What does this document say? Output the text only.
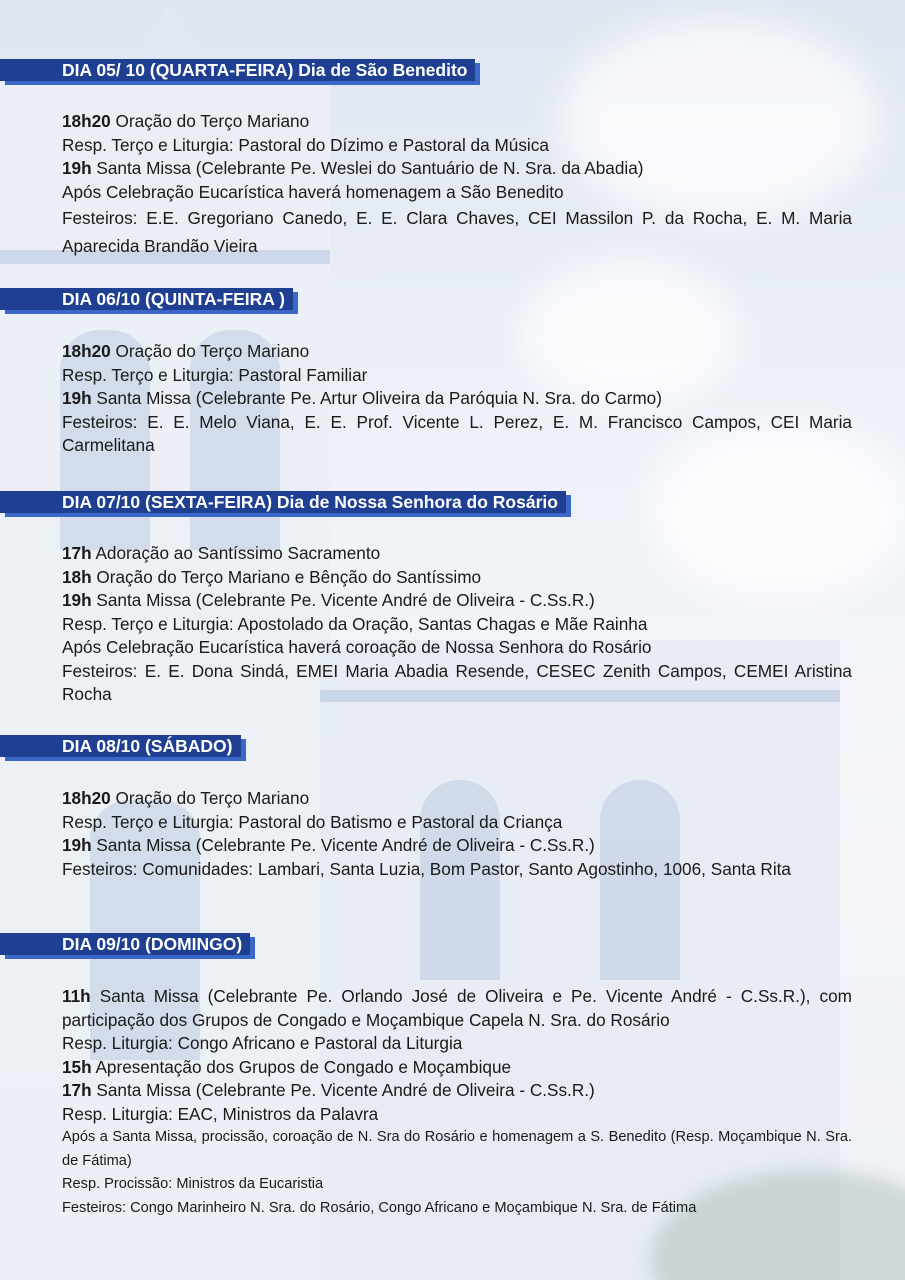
DIA 05/ 10 (QUARTA-FEIRA) Dia de São Benedito

18h20 Oração do Terço Mariano

Resp. Terço e Liturgia: Pastoral do Dízimo e Pastoral da Música

19h Santa Missa (Celebrante Pe. Weslei do Santuário de N. Sra. da Abadia)

Após Celebração Eucarística haverá homenagem a São Benedito

Festeiros: E.E. Gregoriano Canedo, E. E. Clara Chaves, CEI Massilon P. da Rocha, E. M. Maria Aparecida Brandão Vieira

DIA 06/10 (QUINTA-FEIRA )

18h20 Oração do Terço Mariano

Resp. Terço e Liturgia: Pastoral Familiar

19h Santa Missa (Celebrante Pe. Artur Oliveira da Paróquia N. Sra. do Carmo)

Festeiros: E. E. Melo Viana, E. E. Prof. Vicente L. Perez, E. M. Francisco Campos, CEI Maria Carmelitana

DIA 07/10 (SEXTA-FEIRA) Dia de Nossa Senhora do Rosário

17h Adoração ao Santíssimo Sacramento

18h Oração do Terço Mariano e Bênção do Santíssimo

19h Santa Missa (Celebrante Pe. Vicente André de Oliveira - C.Ss.R.)

Resp. Terço e Liturgia: Apostolado da Oração, Santas Chagas e Mãe Rainha

Após Celebração Eucarística haverá coroação de Nossa Senhora do Rosário

Festeiros: E. E. Dona Sindá, EMEI Maria Abadia Resende, CESEC Zenith Campos, CEMEI Aristina Rocha

DIA 08/10 (SÁBADO)

18h20 Oração do Terço Mariano

Resp. Terço e Liturgia: Pastoral do Batismo e Pastoral da Criança

19h Santa Missa (Celebrante Pe. Vicente André de Oliveira - C.Ss.R.)

Festeiros: Comunidades: Lambari, Santa Luzia, Bom Pastor, Santo Agostinho, 1006, Santa Rita

DIA 09/10 (DOMINGO)

11h Santa Missa (Celebrante Pe. Orlando José de Oliveira e Pe. Vicente André - C.Ss.R.), com participação dos Grupos de Congado e Moçambique Capela N. Sra. do Rosário

Resp. Liturgia: Congo Africano e Pastoral da Liturgia

15h Apresentação dos Grupos de Congado e Moçambique

17h Santa Missa (Celebrante Pe. Vicente André de Oliveira - C.Ss.R.)

Resp. Liturgia: EAC, Ministros da Palavra

Após a Santa Missa, procissão, coroação de N. Sra do Rosário e homenagem a S. Benedito (Resp. Moçambique N. Sra. de Fátima)

Resp. Procissão: Ministros da Eucaristia

Festeiros: Congo Marinheiro N. Sra. do Rosário, Congo Africano e Moçambique N. Sra. de Fátima
